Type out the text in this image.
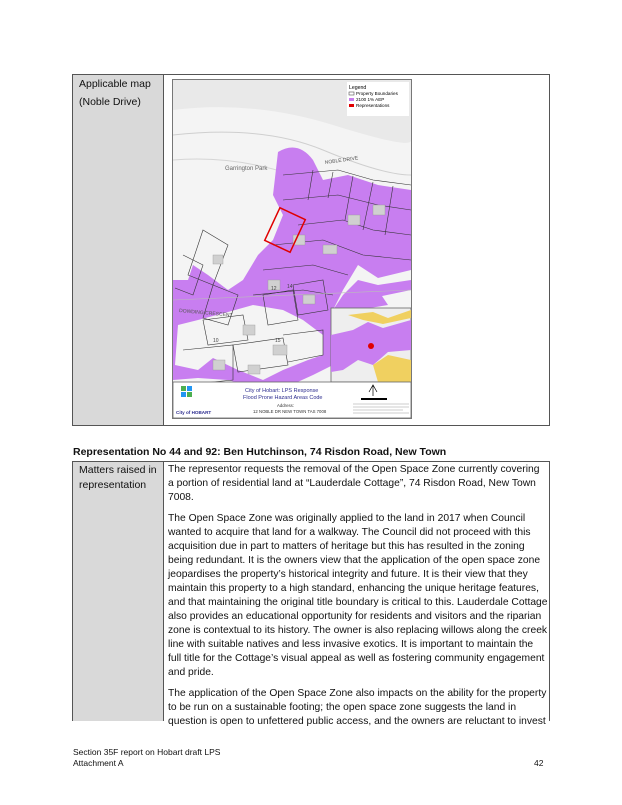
Applicable map
(Noble Drive)
Garrington Park
NOBLE DRIVE
DOWDING CRESCENT
12 14
15
10
Legend
Property Boundaries
2100 1% AEP
Representations
City of HOBART
City of Hobart: LPS Response
Flood Prone Hazard Areas Code
Address:
12 NOBLE DR NEW TOWN TAS 7008
Representation No 44 and 92: Ben Hutchinson, 74 Risdon Road, New Town
Matters raised in
representation

The representor requests the removal of the Open Space Zone currently covering a portion of residential land at “Lauderdale Cottage”, 74 Risdon Road, New Town 7008.

The Open Space Zone was originally applied to the land in 2017 when Council wanted to acquire that land for a walkway. The Council did not proceed with this acquisition due in part to matters of heritage but this has resulted in the zoning being redundant. It is the owners view that the application of the open space zone jeopardises the property’s historical integrity and future. It is their view that they maintain this property to a high standard, enhancing the unique heritage features, and that maintaining the original title boundary is critical to this. Lauderdale Cottage also provides an educational opportunity for residents and visitors and the riparian zone is contextual to its history. The owner is also replacing willows along the creek line with suitable natives and less invasive exotics. It is important to maintain the full title for the Cottage’s visual appeal as well as fostering community engagement and pride.

The application of the Open Space Zone also impacts on the ability for the property to be run on a sustainable footing; the open space zone suggests the land in question is open to unfettered public access, and the owners are reluctant to invest

Section 35F report on Hobart draft LPS
Attachment A	42
